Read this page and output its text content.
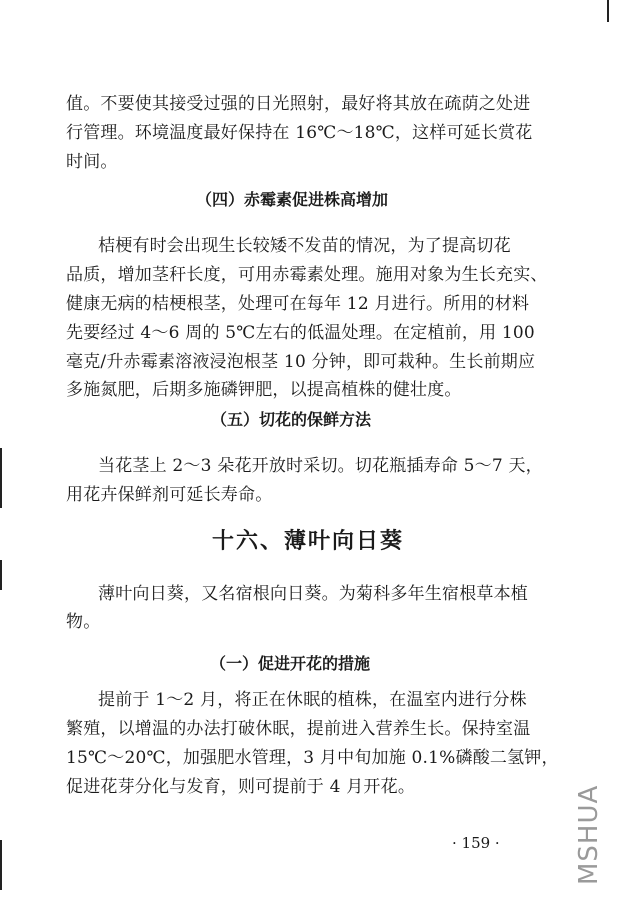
值。不要使其接受过强的日光照射，最好将其放在疏荫之处进
行管理。环境温度最好保持在 16℃～18℃，这样可延长赏花
时间。
（四）赤霉素促进株高增加
桔梗有时会出现生长较矮不发苗的情况，为了提高切花
品质，增加茎秆长度，可用赤霉素处理。施用对象为生长充实、
健康无病的桔梗根茎，处理可在每年 12 月进行。所用的材料
先要经过 4～6 周的 5℃左右的低温处理。在定植前，用 100
毫克/升赤霉素溶液浸泡根茎 10 分钟，即可栽种。生长前期应
多施氮肥，后期多施磷钾肥，以提高植株的健壮度。
（五）切花的保鲜方法
当花茎上 2～3 朵花开放时采切。切花瓶插寿命 5～7 天，
用花卉保鲜剂可延长寿命。
十六、薄叶向日葵
薄叶向日葵，又名宿根向日葵。为菊科多年生宿根草本植
物。
（一）促进开花的措施
提前于 1～2 月，将正在休眠的植株，在温室内进行分株
繁殖，以增温的办法打破休眠，提前进入营养生长。保持室温
15℃～20℃，加强肥水管理，3 月中旬加施 0.1%磷酸二氢钾，
促进花芽分化与发育，则可提前于 4 月开花。
· 159 ·	MSHUA
